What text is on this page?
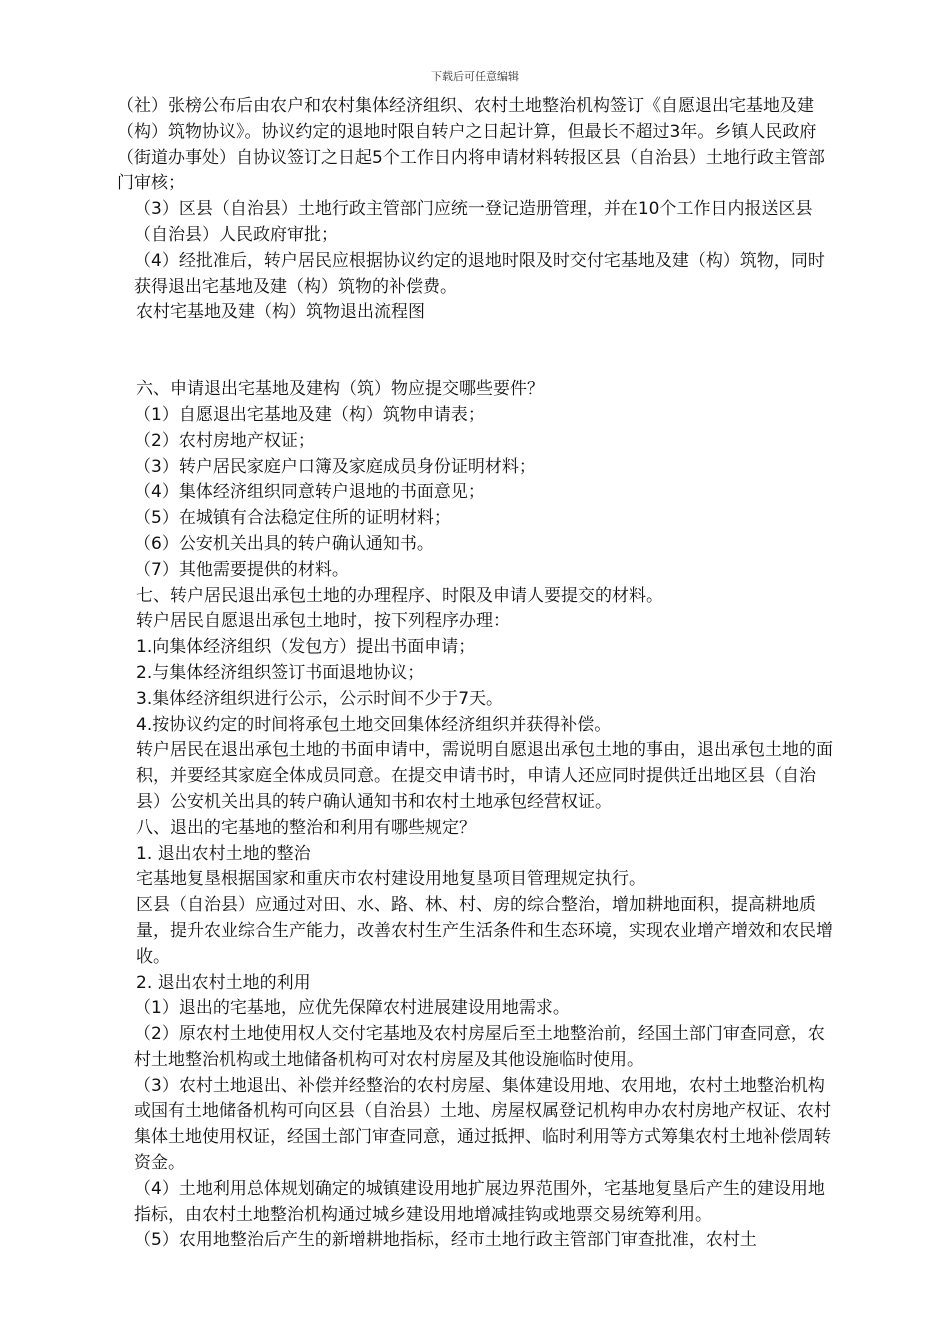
下载后可任意编辑

（社）张榜公布后由农户和农村集体经济组织、农村土地整治机构签订《自愿退出宅基地及建（构）筑物协议》。协议约定的退地时限自转户之日起计算，但最长不超过3年。乡镇人民政府（街道办事处）自协议签订之日起5个工作日内将申请材料转报区县（自治县）土地行政主管部门审核；

（3）区县（自治县）土地行政主管部门应统一登记造册管理，并在10个工作日内报送区县（自治县）人民政府审批；

（4）经批准后，转户居民应根据协议约定的退地时限及时交付宅基地及建（构）筑物，同时获得退出宅基地及建（构）筑物的补偿费。

农村宅基地及建（构）筑物退出流程图

六、申请退出宅基地及建构（筑）物应提交哪些要件？

（1）自愿退出宅基地及建（构）筑物申请表；

（2）农村房地产权证；

（3）转户居民家庭户口簿及家庭成员身份证明材料；

（4）集体经济组织同意转户退地的书面意见；

（5）在城镇有合法稳定住所的证明材料；

（6）公安机关出具的转户确认通知书。

（7）其他需要提供的材料。

七、转户居民退出承包土地的办理程序、时限及申请人要提交的材料。

转户居民自愿退出承包土地时，按下列程序办理：

1.向集体经济组织（发包方）提出书面申请；

2.与集体经济组织签订书面退地协议；

3.集体经济组织进行公示，公示时间不少于7天。

4.按协议约定的时间将承包土地交回集体经济组织并获得补偿。

转户居民在退出承包土地的书面申请中，需说明自愿退出承包土地的事由，退出承包土地的面积，并要经其家庭全体成员同意。在提交申请书时，申请人还应同时提供迁出地区县（自治县）公安机关出具的转户确认通知书和农村土地承包经营权证。

八、退出的宅基地的整治和利用有哪些规定？

1. 退出农村土地的整治

宅基地复垦根据国家和重庆市农村建设用地复垦项目管理规定执行。

区县（自治县）应通过对田、水、路、林、村、房的综合整治，增加耕地面积，提高耕地质量，提升农业综合生产能力，改善农村生产生活条件和生态环境，实现农业增产增效和农民增收。

2. 退出农村土地的利用

（1）退出的宅基地，应优先保障农村进展建设用地需求。

（2）原农村土地使用权人交付宅基地及农村房屋后至土地整治前，经国土部门审查同意，农村土地整治机构或土地储备机构可对农村房屋及其他设施临时使用。

（3）农村土地退出、补偿并经整治的农村房屋、集体建设用地、农用地，农村土地整治机构或国有土地储备机构可向区县（自治县）土地、房屋权属登记机构申办农村房地产权证、农村集体土地使用权证，经国土部门审查同意，通过抵押、临时利用等方式筹集农村土地补偿周转资金。

（4）土地利用总体规划确定的城镇建设用地扩展边界范围外，宅基地复垦后产生的建设用地指标，由农村土地整治机构通过城乡建设用地增减挂钩或地票交易统筹利用。

（5）农用地整治后产生的新增耕地指标，经市土地行政主管部门审查批准，农村土
